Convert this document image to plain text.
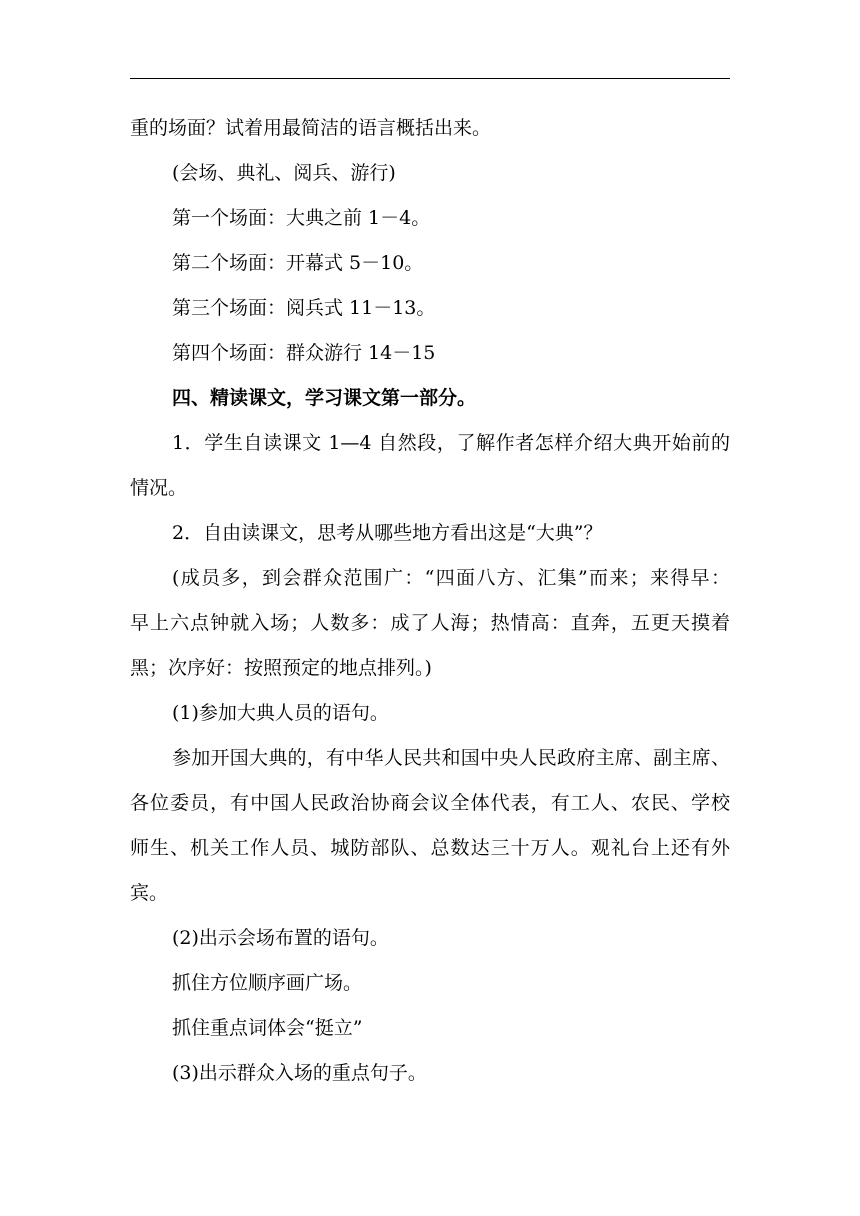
重的场面？试着用最简洁的语言概括出来。
(会场、典礼、阅兵、游行)
第一个场面：大典之前 1－4。
第二个场面：开幕式 5－10。
第三个场面：阅兵式 11－13。
第四个场面：群众游行 14－15
四、精读课文，学习课文第一部分。
1．学生自读课文 1—4 自然段，了解作者怎样介绍大典开始前的
情况。
2．自由读课文，思考从哪些地方看出这是“大典”？
(成员多，到会群众范围广：“四面八方、汇集”而来；来得早：
早上六点钟就入场；人数多：成了人海；热情高：直奔，五更天摸着
黑；次序好：按照预定的地点排列。)
(1)参加大典人员的语句。
参加开国大典的，有中华人民共和国中央人民政府主席、副主席、
各位委员，有中国人民政治协商会议全体代表，有工人、农民、学校
师生、机关工作人员、城防部队、总数达三十万人。观礼台上还有外
宾。
(2)出示会场布置的语句。
抓住方位顺序画广场。
抓住重点词体会“挺立”
(3)出示群众入场的重点句子。
